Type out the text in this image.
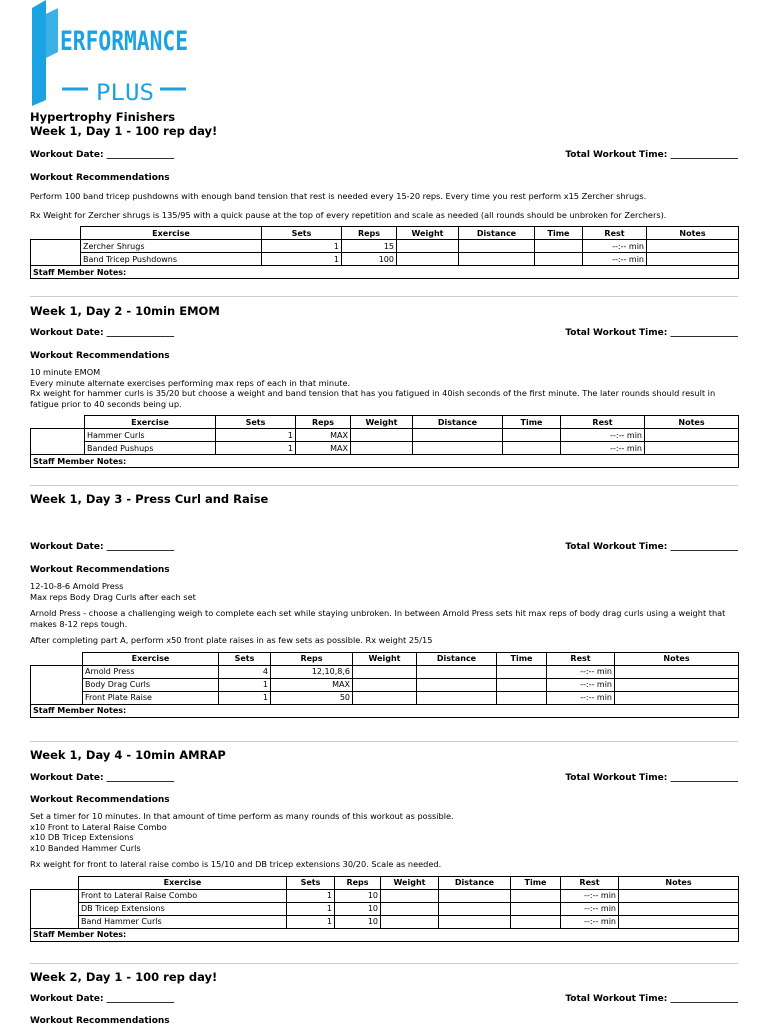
ERFORMANCE
PLUS
Hypertrophy Finishers
Week 1, Day 1 - 100 rep day!
Workout Date: _______________	Total Workout Time: _______________
Workout Recommendations

Perform 100 band tricep pushdowns with enough band tension that rest is needed every 15-20 reps. Every time you rest perform x15 Zercher shrugs.

Rx Weight for Zercher shrugs is 135/95 with a quick pause at the top of every repetition and scale as needed (all rounds should be unbroken for Zerchers).

	Exercise	Sets	Reps	Weight	Distance	Time	Rest	Notes
	Zercher Shrugs	1	15				--:-- min	
	Band Tricep Pushdowns	1	100				--:-- min	
Staff Member Notes:								
Week 1, Day 2 - 10min EMOM
Workout Date: _______________	Total Workout Time: _______________
Workout Recommendations

10 minute EMOM

Every minute alternate exercises performing max reps of each in that minute.

Rx weight for hammer curls is 35/20 but choose a weight and band tension that has you fatigued in 40ish seconds of the first minute. The later rounds should result in fatigue prior to 40 seconds being up.

	Exercise	Sets	Reps	Weight	Distance	Time	Rest	Notes
	Hammer Curls	1	MAX				--:-- min	
	Banded Pushups	1	MAX				--:-- min	
Staff Member Notes:								
Week 1, Day 3 - Press Curl and Raise
Workout Date: _______________	Total Workout Time: _______________
Workout Recommendations

12-10-8-6 Arnold Press

Max reps Body Drag Curls after each set

Arnold Press - choose a challenging weigh to complete each set while staying unbroken. In between Arnold Press sets hit max reps of body drag curls using a weight that makes 8-12 reps tough.

After completing part A, perform x50 front plate raises in as few sets as possible. Rx weight 25/15

	Exercise	Sets	Reps	Weight	Distance	Time	Rest	Notes
	Arnold Press	4	12,10,8,6				--:-- min	
	Body Drag Curls	1	MAX				--:-- min	
	Front Plate Raise	1	50				--:-- min	
Staff Member Notes:								
Week 1, Day 4 - 10min AMRAP
Workout Date: _______________	Total Workout Time: _______________
Workout Recommendations

Set a timer for 10 minutes. In that amount of time perform as many rounds of this workout as possible.

x10 Front to Lateral Raise Combo

x10 DB Tricep Extensions

x10 Banded Hammer Curls

Rx weight for front to lateral raise combo is 15/10 and DB tricep extensions 30/20. Scale as needed.

	Exercise	Sets	Reps	Weight	Distance	Time	Rest	Notes
	Front to Lateral Raise Combo	1	10				--:-- min	
	DB Tricep Extensions	1	10				--:-- min	
	Band Hammer Curls	1	10				--:-- min	
Staff Member Notes:								
Week 2, Day 1 - 100 rep day!
Workout Date: _______________	Total Workout Time: _______________
Workout Recommendations
